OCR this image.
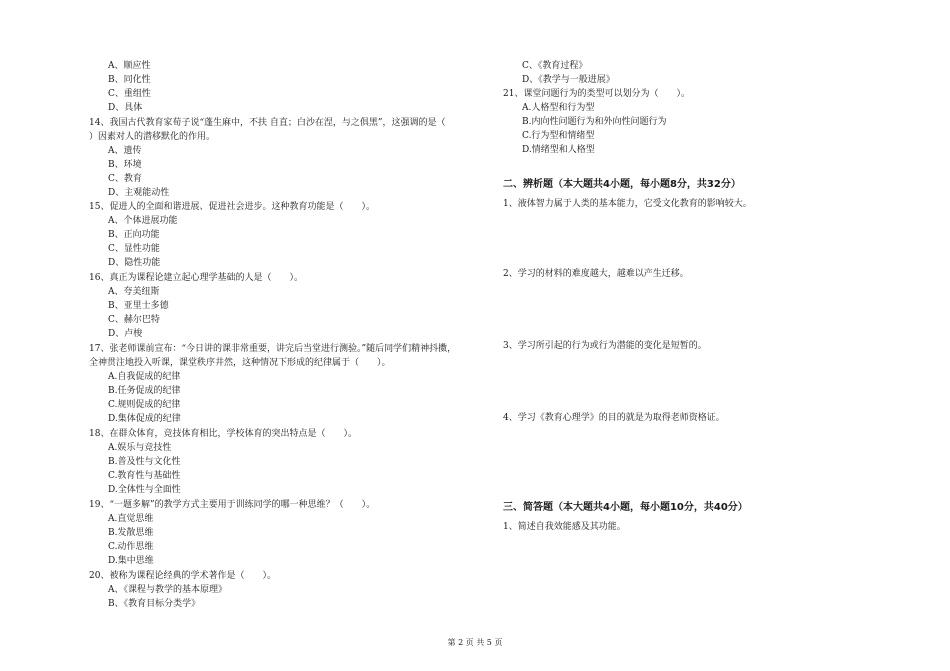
A、顺应性
B、同化性
C、重组性
D、具体
14、我国古代教育家荀子说“蓬生麻中，不扶 自直；白沙在涅，与之俱黑”，这强调的是（
）因素对人的潜移默化的作用。
A、遗传
B、环境
C、教育
D、主观能动性
15、促进人的全面和谐进展、促进社会进步。这种教育功能是（　　）。
A、个体进展功能
B、正向功能
C、显性功能
D、隐性功能
16、真正为课程论建立起心理学基础的人是（　　）。
A、夸美纽斯
B、亚里士多德
C、赫尔巴特
D、卢梭
17、张老师课前宣布：“今日讲的课非常重要，讲完后当堂进行测验。”随后同学们精神抖擞，
全神贯注地投入听课，课堂秩序井然，这种情况下形成的纪律属于（　　）。
A.自我促成的纪律
B.任务促成的纪律
C.规则促成的纪律
D.集体促成的纪律
18、在群众体育，竞技体育相比，学校体育的突出特点是（　　）。
A.娱乐与竞技性
B.普及性与文化性
C.教育性与基础性
D.全体性与全面性
19、“一题多解”的教学方式主要用于训练同学的哪一种思维？（　　）。
A.直觉思维
B.发散思维
C.动作思维
D.集中思维
20、被称为课程论经典的学术著作是（　　）。
A、《课程与教学的基本原理》
B、《教育目标分类学》
C、《教育过程》
D、《教学与一般进展》
21、课堂问题行为的类型可以划分为（　　）。
A.人格型和行为型
B.内向性问题行为和外向性问题行为
C.行为型和情绪型
D.情绪型和人格型
二、辨析题（本大题共4小题，每小题8分，共32分）
1、液体智力属于人类的基本能力，它受文化教育的影响较大。
2、学习的材料的难度越大，越难以产生迁移。
3、学习所引起的行为或行为潜能的变化是短暂的。
4、学习《教育心理学》的目的就是为取得老师资格证。
三、简答题（本大题共4小题，每小题10分，共40分）
1、简述自我效能感及其功能。
第 2 页 共 5 页
